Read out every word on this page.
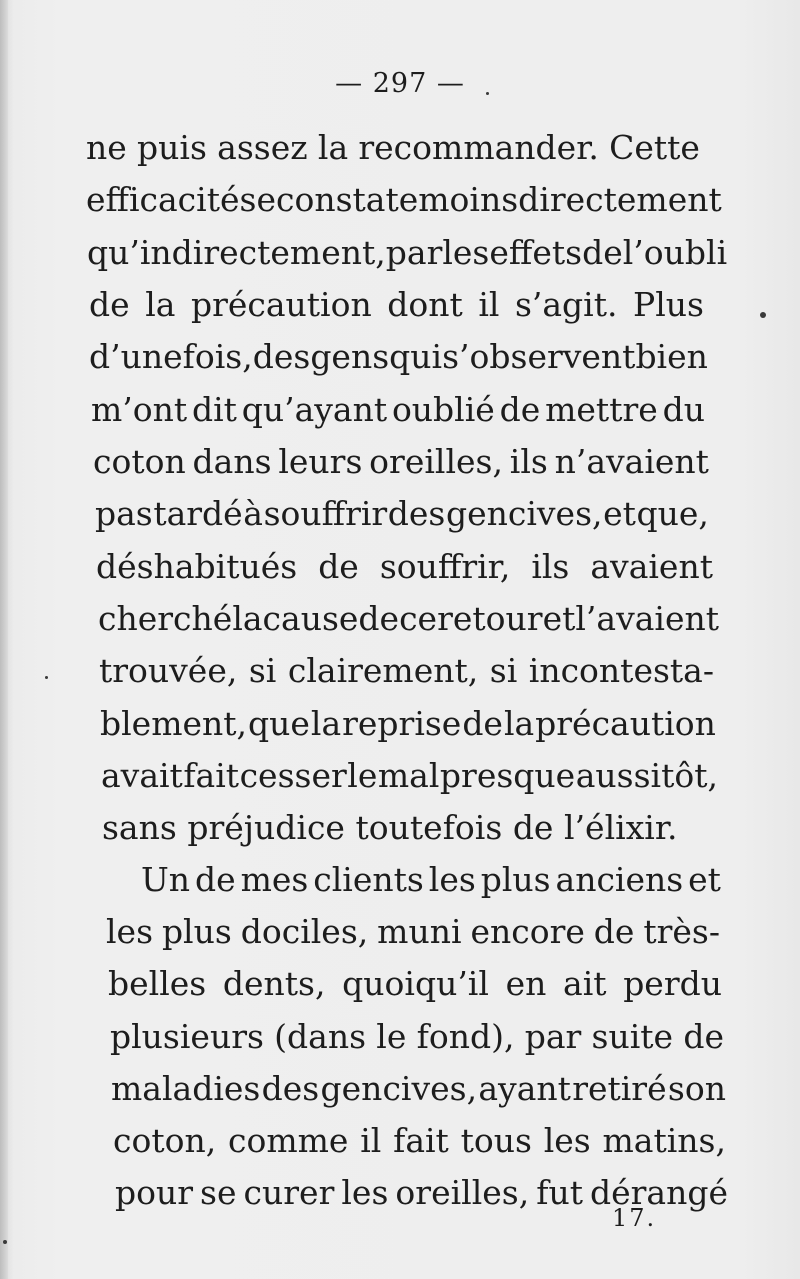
— 297 —
ne puis assez la recommander. Cette
efficacité se constate moins directement
qu’indirectement, par les effets de l’oubli
de la précaution dont il s’agit. Plus
d’une fois, des gens qui s’observent bien
m’ont dit qu’ayant oublié de mettre du
coton dans leurs oreilles, ils n’avaient
pas tardé à souffrir des gencives, et que,
déshabitués de souffrir, ils avaient
cherché la cause de ce retour et l’avaient
trouvée, si clairement, si incontesta-
blement, que la reprise de la précaution
avait fait cesser le mal presque aussitôt,
sans préjudice toutefois de l’élixir.
Un de mes clients les plus anciens et
les plus dociles, muni encore de très-
belles dents, quoiqu’il en ait perdu
plusieurs (dans le fond), par suite de
maladies des gencives, ayant retiré son
coton, comme il fait tous les matins,
pour se curer les oreilles, fut dérangé
17.
